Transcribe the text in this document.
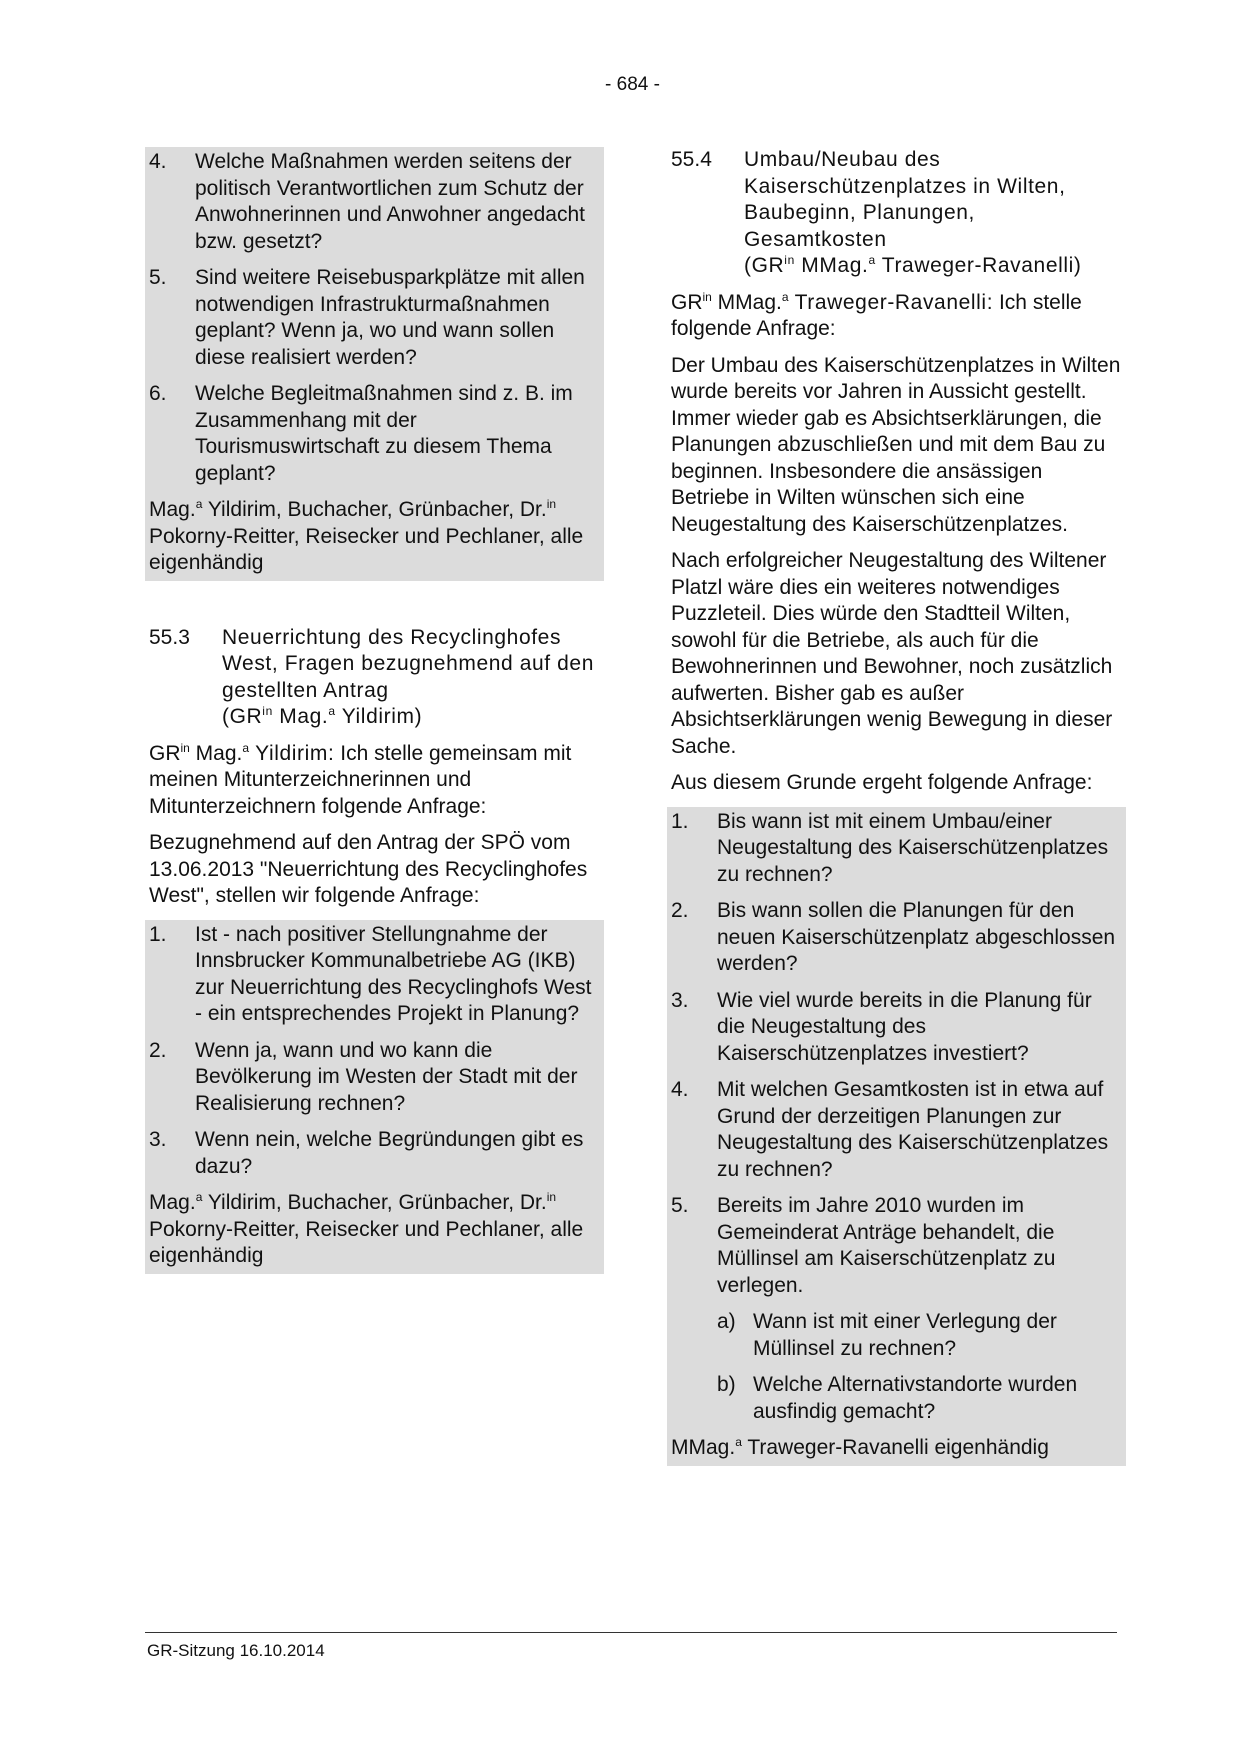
- 684 -
4.	Welche Maßnahmen werden seitens der politisch Verantwortlichen zum Schutz der Anwohnerinnen und Anwohner angedacht bzw. gesetzt?
5.	Sind weitere Reisebusparkplätze mit allen notwendigen Infrastrukturmaßnahmen geplant? Wenn ja, wo und wann sollen diese realisiert werden?
6.	Welche Begleitmaßnahmen sind z. B. im Zusammenhang mit der Tourismuswirtschaft zu diesem Thema geplant?
Mag.$^a$ Yildirim, Buchacher, Grünbacher, Dr.$^{in}$ Pokorny-Reitter, Reisecker und Pechlaner, alle eigenhändig
55.3	Neuerrichtung des Recyclinghofes West, Fragen bezugnehmend auf den gestellten Antrag
($GR^{in}$ Mag.$^a$ Yildirim)

$GR^{in}$ Mag.$^a$ Yildirim: Ich stelle gemeinsam mit meinen Mitunterzeichnerinnen und Mitunterzeichnern folgende Anfrage:

Bezugnehmend auf den Antrag der SPÖ vom 13.06.2013 "Neuerrichtung des Recyclinghofes West", stellen wir folgende Anfrage:

1.	Ist - nach positiver Stellungnahme der Innsbrucker Kommunalbetriebe AG (IKB) zur Neuerrichtung des Recyclinghofs West - ein entsprechendes Projekt in Planung?
2.	Wenn ja, wann und wo kann die Bevölkerung im Westen der Stadt mit der Realisierung rechnen?
3.	Wenn nein, welche Begründungen gibt es dazu?
Mag.$^a$ Yildirim, Buchacher, Grünbacher, Dr.$^{in}$ Pokorny-Reitter, Reisecker und Pechlaner, alle eigenhändig
55.4	Umbau/Neubau des Kaiserschützenplatzes in Wilten, Baubeginn, Planungen, Gesamtkosten
($GR^{in}$ MMag.$^a$ Traweger-Ravanelli)

$GR^{in}$ MMag.$^a$ Traweger-Ravanelli: Ich stelle folgende Anfrage:

Der Umbau des Kaiserschützenplatzes in Wilten wurde bereits vor Jahren in Aussicht gestellt. Immer wieder gab es Absichtserklärungen, die Planungen abzuschließen und mit dem Bau zu beginnen. Insbesondere die ansässigen Betriebe in Wilten wünschen sich eine Neugestaltung des Kaiserschützenplatzes.

Nach erfolgreicher Neugestaltung des Wiltener Platzl wäre dies ein weiteres notwendiges Puzzleteil. Dies würde den Stadtteil Wilten, sowohl für die Betriebe, als auch für die Bewohnerinnen und Bewohner, noch zusätzlich aufwerten. Bisher gab es außer Absichtserklärungen wenig Bewegung in dieser Sache.

Aus diesem Grunde ergeht folgende Anfrage:

1.	Bis wann ist mit einem Umbau/einer Neugestaltung des Kaiserschützenplatzes zu rechnen?
2.	Bis wann sollen die Planungen für den neuen Kaiserschützenplatz abgeschlossen werden?
3.	Wie viel wurde bereits in die Planung für die Neugestaltung des Kaiserschützenplatzes investiert?
4.	Mit welchen Gesamtkosten ist in etwa auf Grund der derzeitigen Planungen zur Neugestaltung des Kaiserschützenplatzes zu rechnen?
5.	Bereits im Jahre 2010 wurden im Gemeinderat Anträge behandelt, die Müllinsel am Kaiserschützenplatz zu verlegen.
a) Wann ist mit einer Verlegung der Müllinsel zu rechnen?
b) Welche Alternativstandorte wurden ausfindig gemacht?
MMag.$^a$ Traweger-Ravanelli eigenhändig
GR-Sitzung 16.10.2014
